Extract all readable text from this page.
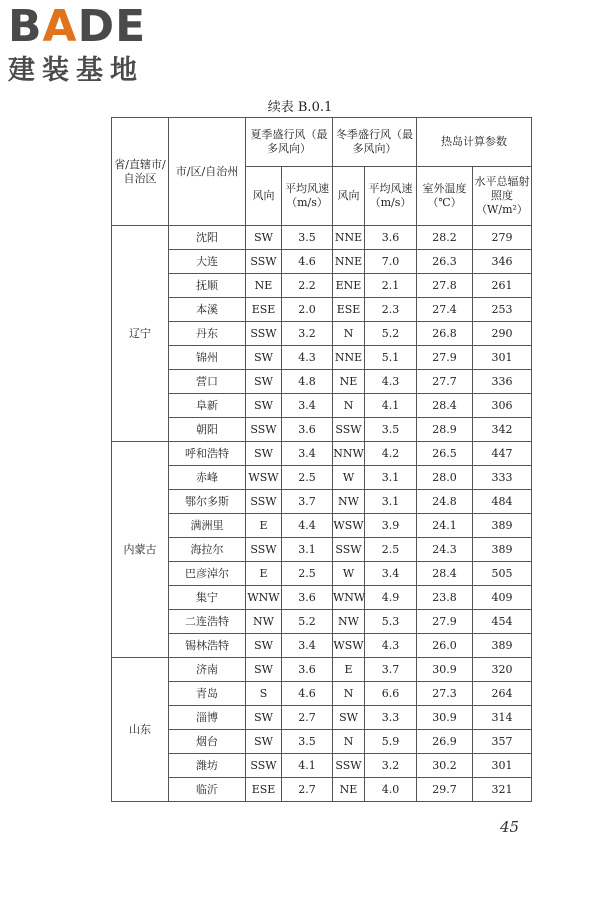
BADE
建装基地
续表 B.0.1
省/直辖市/自治区	市/区/自治州	夏季盛行风（最多风向）		冬季盛行风（最多风向）		热岛计算参数	
		风向	平均风速（m/s）	风向	平均风速（m/s）	室外温度（℃）	水平总辐射照度（W/m²）
辽宁	沈阳	SW	3.5	NNE	3.6	28.2	279
	大连	SSW	4.6	NNE	7.0	26.3	346
	抚顺	NE	2.2	ENE	2.1	27.8	261
	本溪	ESE	2.0	ESE	2.3	27.4	253
	丹东	SSW	3.2	N	5.2	26.8	290
	锦州	SW	4.3	NNE	5.1	27.9	301
	营口	SW	4.8	NE	4.3	27.7	336
	阜新	SW	3.4	N	4.1	28.4	306
	朝阳	SSW	3.6	SSW	3.5	28.9	342
内蒙古	呼和浩特	SW	3.4	NNW	4.2	26.5	447
	赤峰	WSW	2.5	W	3.1	28.0	333
	鄂尔多斯	SSW	3.7	NW	3.1	24.8	484
	满洲里	E	4.4	WSW	3.9	24.1	389
	海拉尔	SSW	3.1	SSW	2.5	24.3	389
	巴彦淖尔	E	2.5	W	3.4	28.4	505
	集宁	WNW	3.6	WNW	4.9	23.8	409
	二连浩特	NW	5.2	NW	5.3	27.9	454
	锡林浩特	SW	3.4	WSW	4.3	26.0	389
山东	济南	SW	3.6	E	3.7	30.9	320
	青岛	S	4.6	N	6.6	27.3	264
	淄博	SW	2.7	SW	3.3	30.9	314
	烟台	SW	3.5	N	5.9	26.9	357
	潍坊	SSW	4.1	SSW	3.2	30.2	301
	临沂	ESE	2.7	NE	4.0	29.7	321
45
